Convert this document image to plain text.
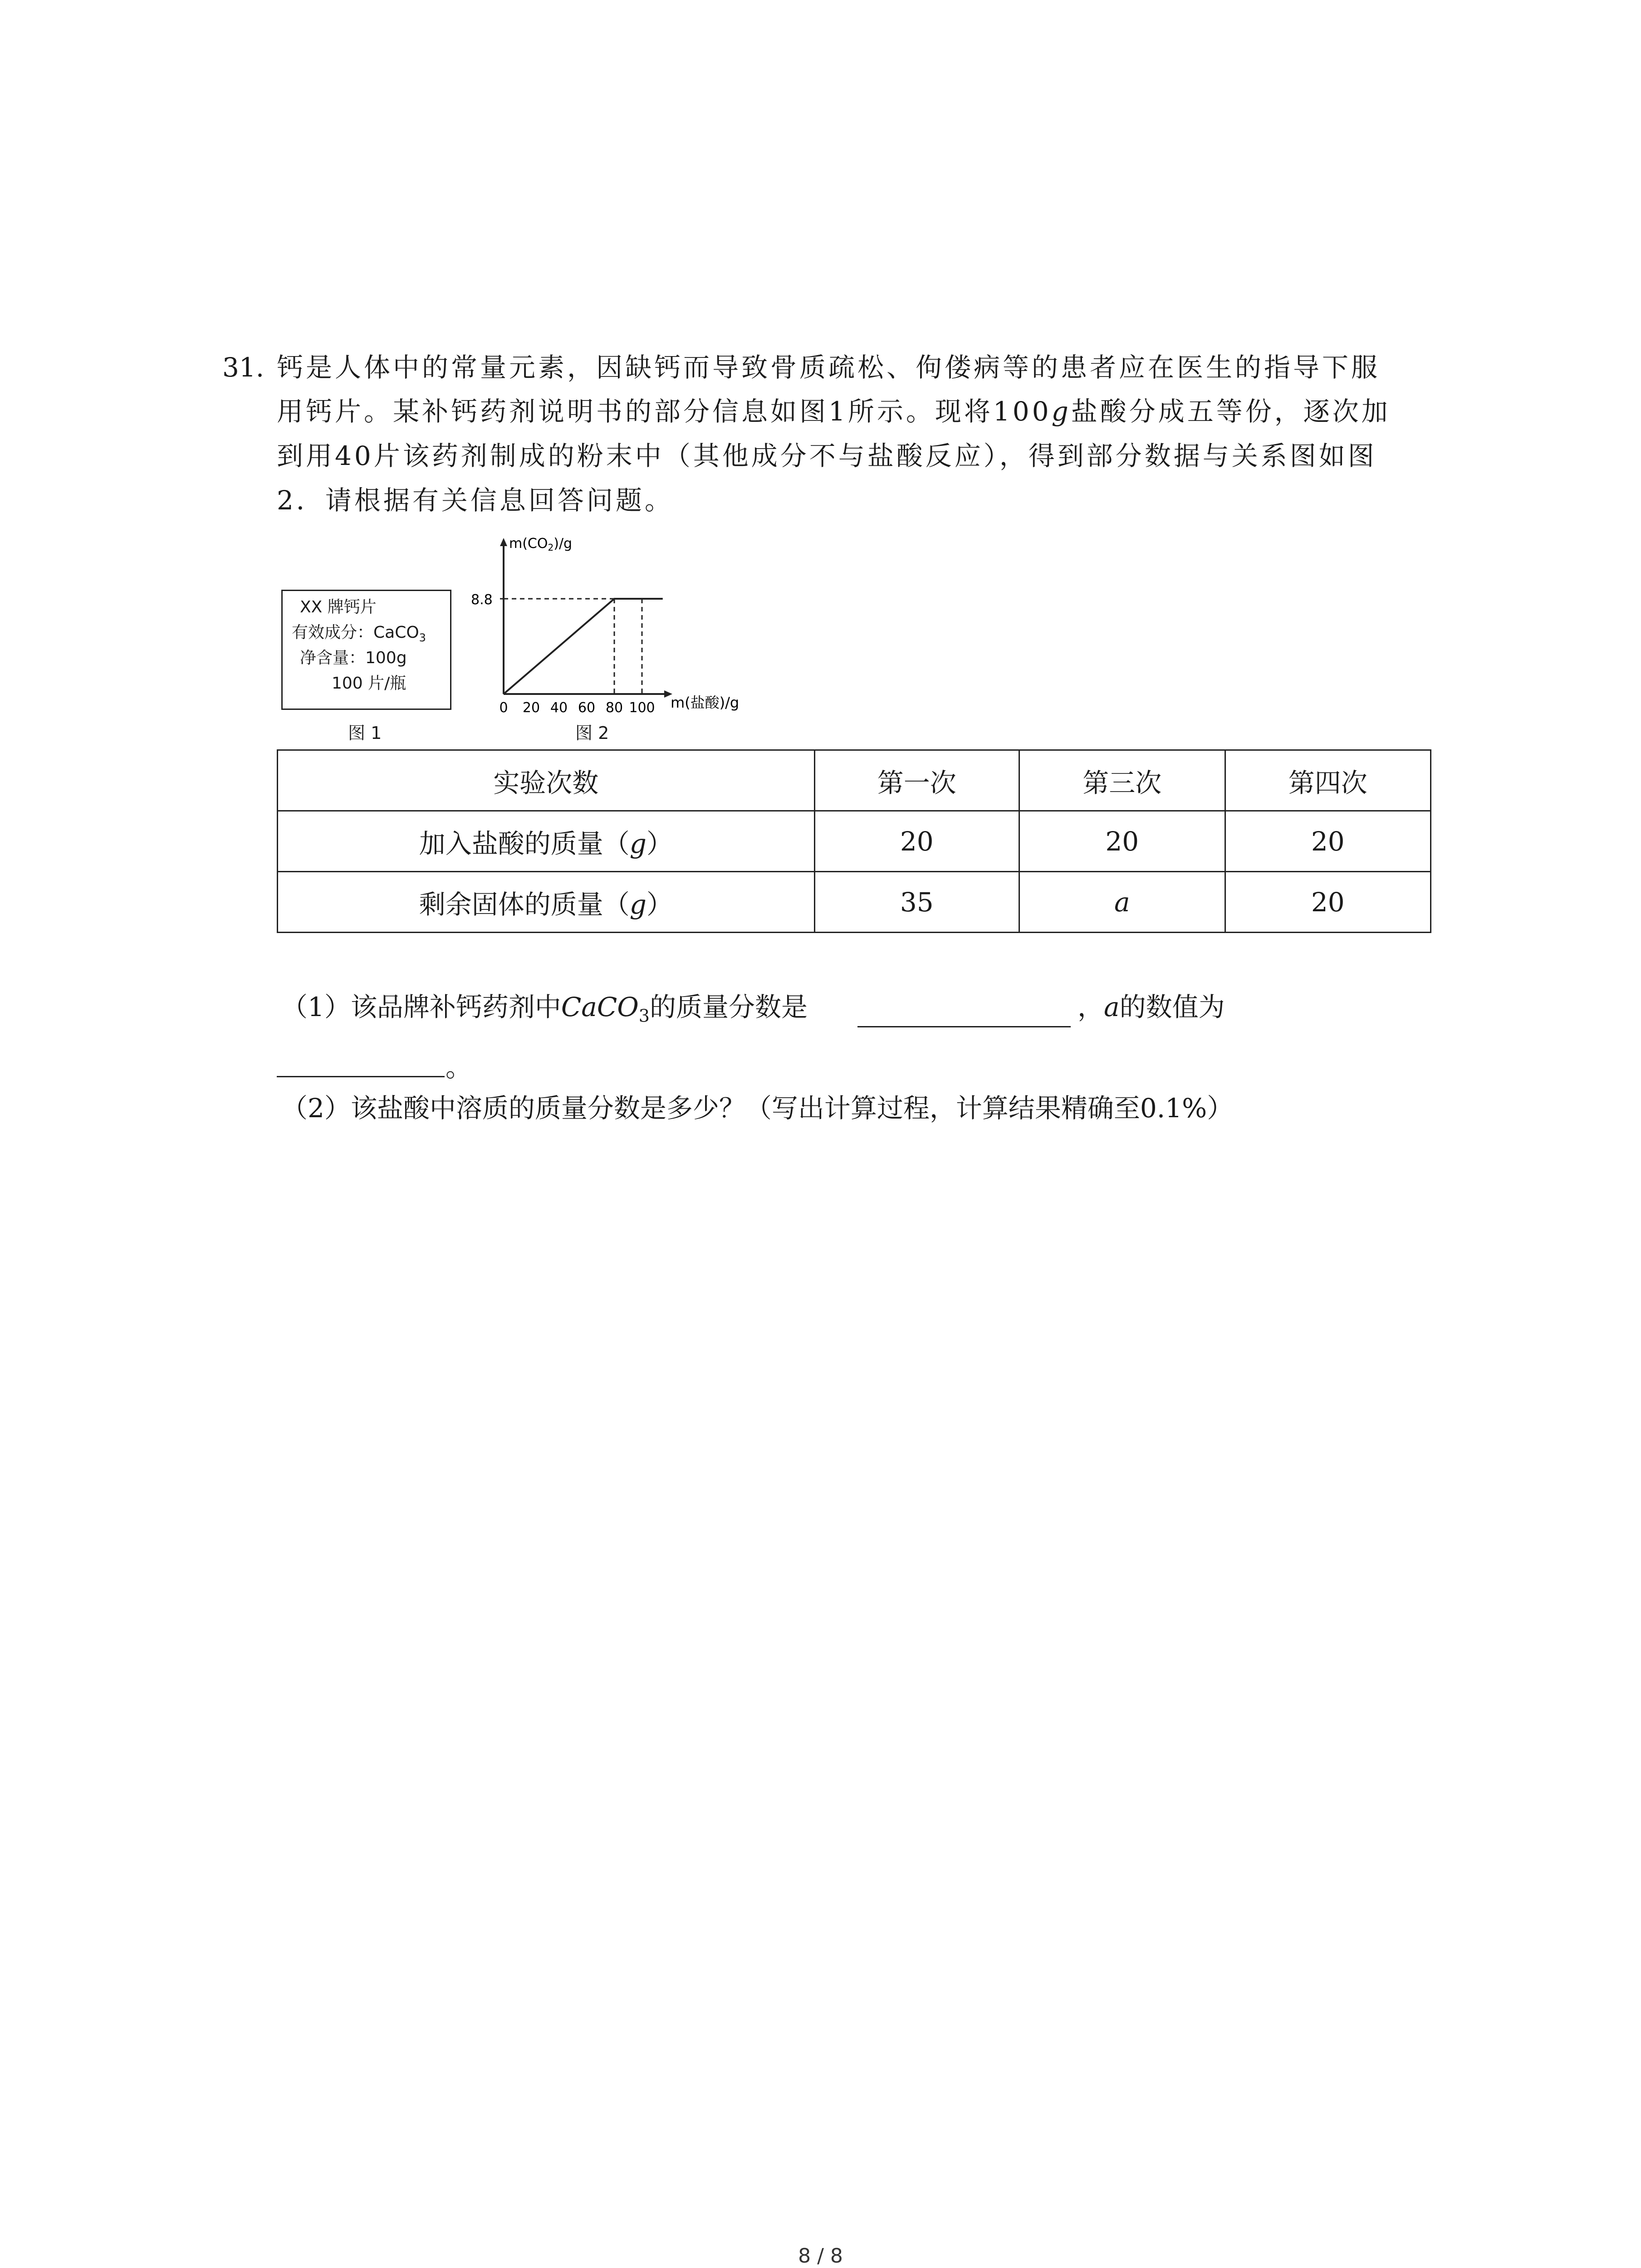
31. 钙是人体中的常量元素，因缺钙而导致骨质疏松、佝偻病等的患者应在医生的指导下服
用钙片。某补钙药剂说明书的部分信息如图1所示。现将100g盐酸分成五等份，逐次加
到用40片该药剂制成的粉末中（其他成分不与盐酸反应），得到部分数据与关系图如图
2．请根据有关信息回答问题。
XX 牌钙片
有效成分：CaCO$_3$
净含量：100g
100 片/瓶
图 1
$m(CO_2)/g$
8.8
m(盐酸)/g
0 20 40 60 80 100
图 2
实验次数	第一次	第三次	第四次
加入盐酸的质量（g）	20	20	20
剩余固体的质量（g）	35	a	20
（1）该品牌补钙药剂中CaCO$_3$的质量分数是	，a的数值为
。
（2）该盐酸中溶质的质量分数是多少？（写出计算过程，计算结果精确至0.1%）
8 / 8
